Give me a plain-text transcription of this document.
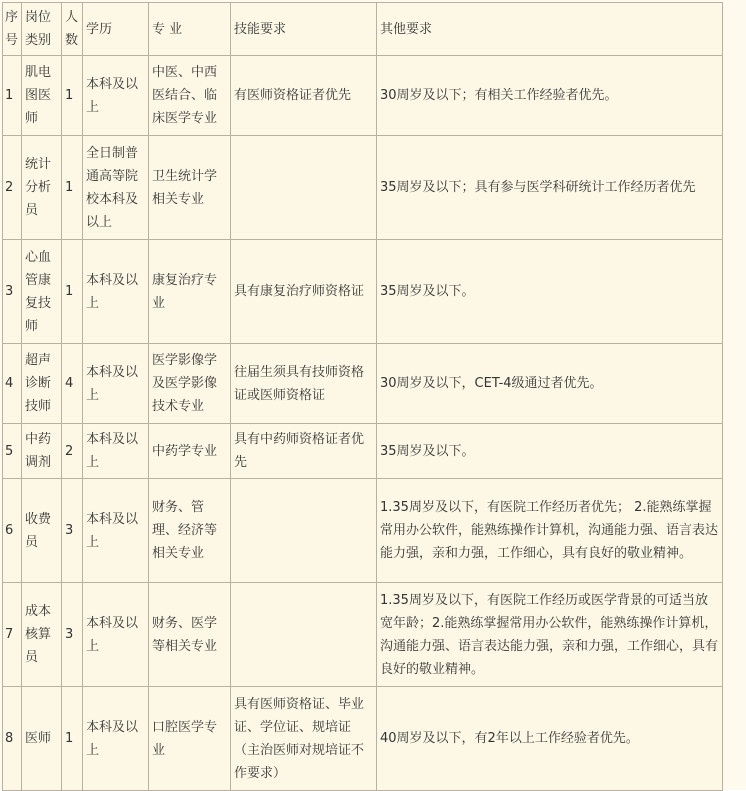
序号	岗位类别	人数	学历	专 业	技能要求	其他要求
1	肌电图医师	1	本科及以上	中医、中西医结合、临床医学专业	有医师资格证者优先	30周岁及以下；有相关工作经验者优先。
2	统计分析员	1	全日制普通高等院校本科及以上	卫生统计学相关专业		35周岁及以下；具有参与医学科研统计工作经历者优先
3	心血管康复技师	1	本科及以上	康复治疗专业	具有康复治疗师资格证	35周岁及以下。
4	超声诊断技师	4	本科及以上	医学影像学及医学影像技术专业	往届生须具有技师资格证或医师资格证	30周岁及以下，CET-4级通过者优先。
5	中药调剂	2	本科及以上	中药学专业	具有中药师资格证者优先	35周岁及以下。
6	收费员	3	本科及以上	财务、管理、经济等相关专业		1.35周岁及以下，有医院工作经历者优先； 2.能熟练掌握常用办公软件，能熟练操作计算机，沟通能力强、语言表达能力强，亲和力强，工作细心，具有良好的敬业精神。
7	成本核算员	3	本科及以上	财务、医学等相关专业		1.35周岁及以下，有医院工作经历或医学背景的可适当放宽年龄；2.能熟练掌握常用办公软件，能熟练操作计算机，沟通能力强、语言表达能力强，亲和力强，工作细心，具有良好的敬业精神。
8	医师	1	本科及以上	口腔医学专业	具有医师资格证、毕业证、学位证、规培证 （主治医师对规培证不作要求）	40周岁及以下，有2年以上工作经验者优先。
